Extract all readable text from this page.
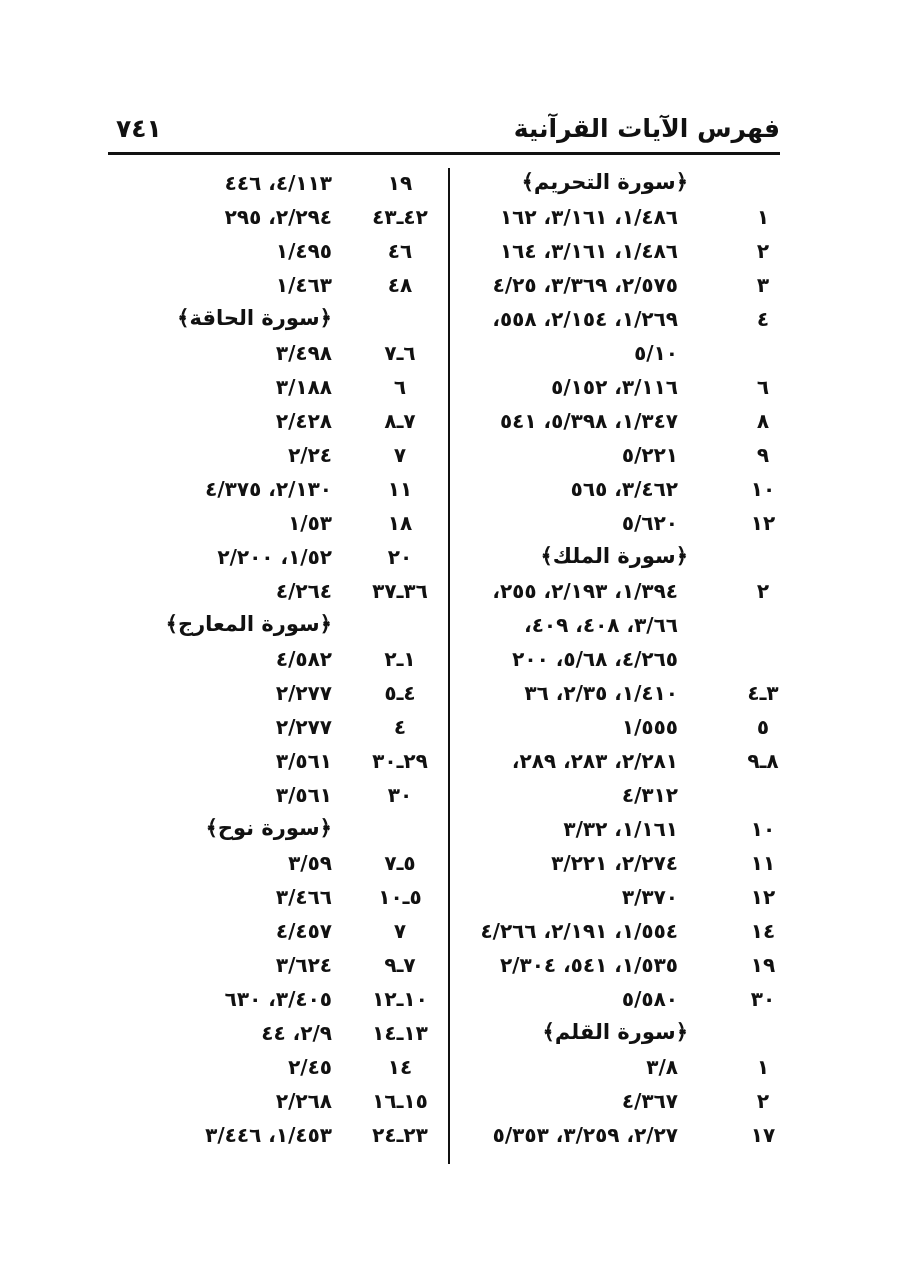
فهرس الآيات القرآنية
٧٤١
﴿سورة التحريم﴾
١
١/٤٨٦، ٣/١٦١، ١٦٢
٢
١/٤٨٦، ٣/١٦١، ١٦٤
٣
٢/٥٧٥، ٣/٣٦٩، ٤/٢٥
٤
١/٢٦٩، ٢/١٥٤، ٥٥٨،
٥/١٠
٦
٣/١١٦، ٥/١٥٢
٨
١/٣٤٧، ٥/٣٩٨، ٥٤١
٩
٥/٢٢١
١٠
٣/٤٦٢، ٥٦٥
١٢
٥/٦٢٠
﴿سورة الملك﴾
٢
١/٣٩٤، ٢/١٩٣، ٢٥٥،
٣/٦٦، ٤٠٨، ٤٠٩،
٤/٢٦٥، ٥/٦٨، ٢٠٠
٣ـ٤
١/٤١٠، ٢/٣٥، ٣٦
٥
١/٥٥٥
٨ـ٩
٢/٢٨١، ٢٨٣، ٢٨٩،
٤/٣١٢
١٠
١/١٦١، ٣/٣٢
١١
٢/٢٧٤، ٣/٢٢١
١٢
٣/٣٧٠
١٤
١/٥٥٤، ٢/١٩١، ٤/٢٦٦
١٩
١/٥٣٥، ٥٤١، ٢/٣٠٤
٣٠
٥/٥٨٠
﴿سورة القلم﴾
١
٣/٨
٢
٤/٣٦٧
١٧
٢/٢٧، ٣/٢٥٩، ٥/٣٥٣
١٩
٤/١١٣، ٤٤٦
٤٢ـ٤٣
٢/٢٩٤، ٢٩٥
٤٦
١/٤٩٥
٤٨
١/٤٦٣
﴿سورة الحاقة﴾
٦ـ٧
٣/٤٩٨
٦
٣/١٨٨
٧ـ٨
٢/٤٢٨
٧
٢/٢٤
١١
٢/١٣٠، ٤/٣٧٥
١٨
١/٥٣
٢٠
١/٥٢، ٢/٢٠٠
٣٦ـ٣٧
٤/٢٦٤
﴿سورة المعارج﴾
١ـ٢
٤/٥٨٢
٤ـ٥
٢/٢٧٧
٤
٢/٢٧٧
٢٩ـ٣٠
٣/٥٦١
٣٠
٣/٥٦١
﴿سورة نوح﴾
٥ـ٧
٣/٥٩
٥ـ١٠
٣/٤٦٦
٧
٤/٤٥٧
٧ـ٩
٣/٦٢٤
١٠ـ١٢
٣/٤٠٥، ٦٣٠
١٣ـ١٤
٢/٩، ٤٤
١٤
٢/٤٥
١٥ـ١٦
٢/٢٦٨
٢٣ـ٢٤
١/٤٥٣، ٣/٤٤٦
